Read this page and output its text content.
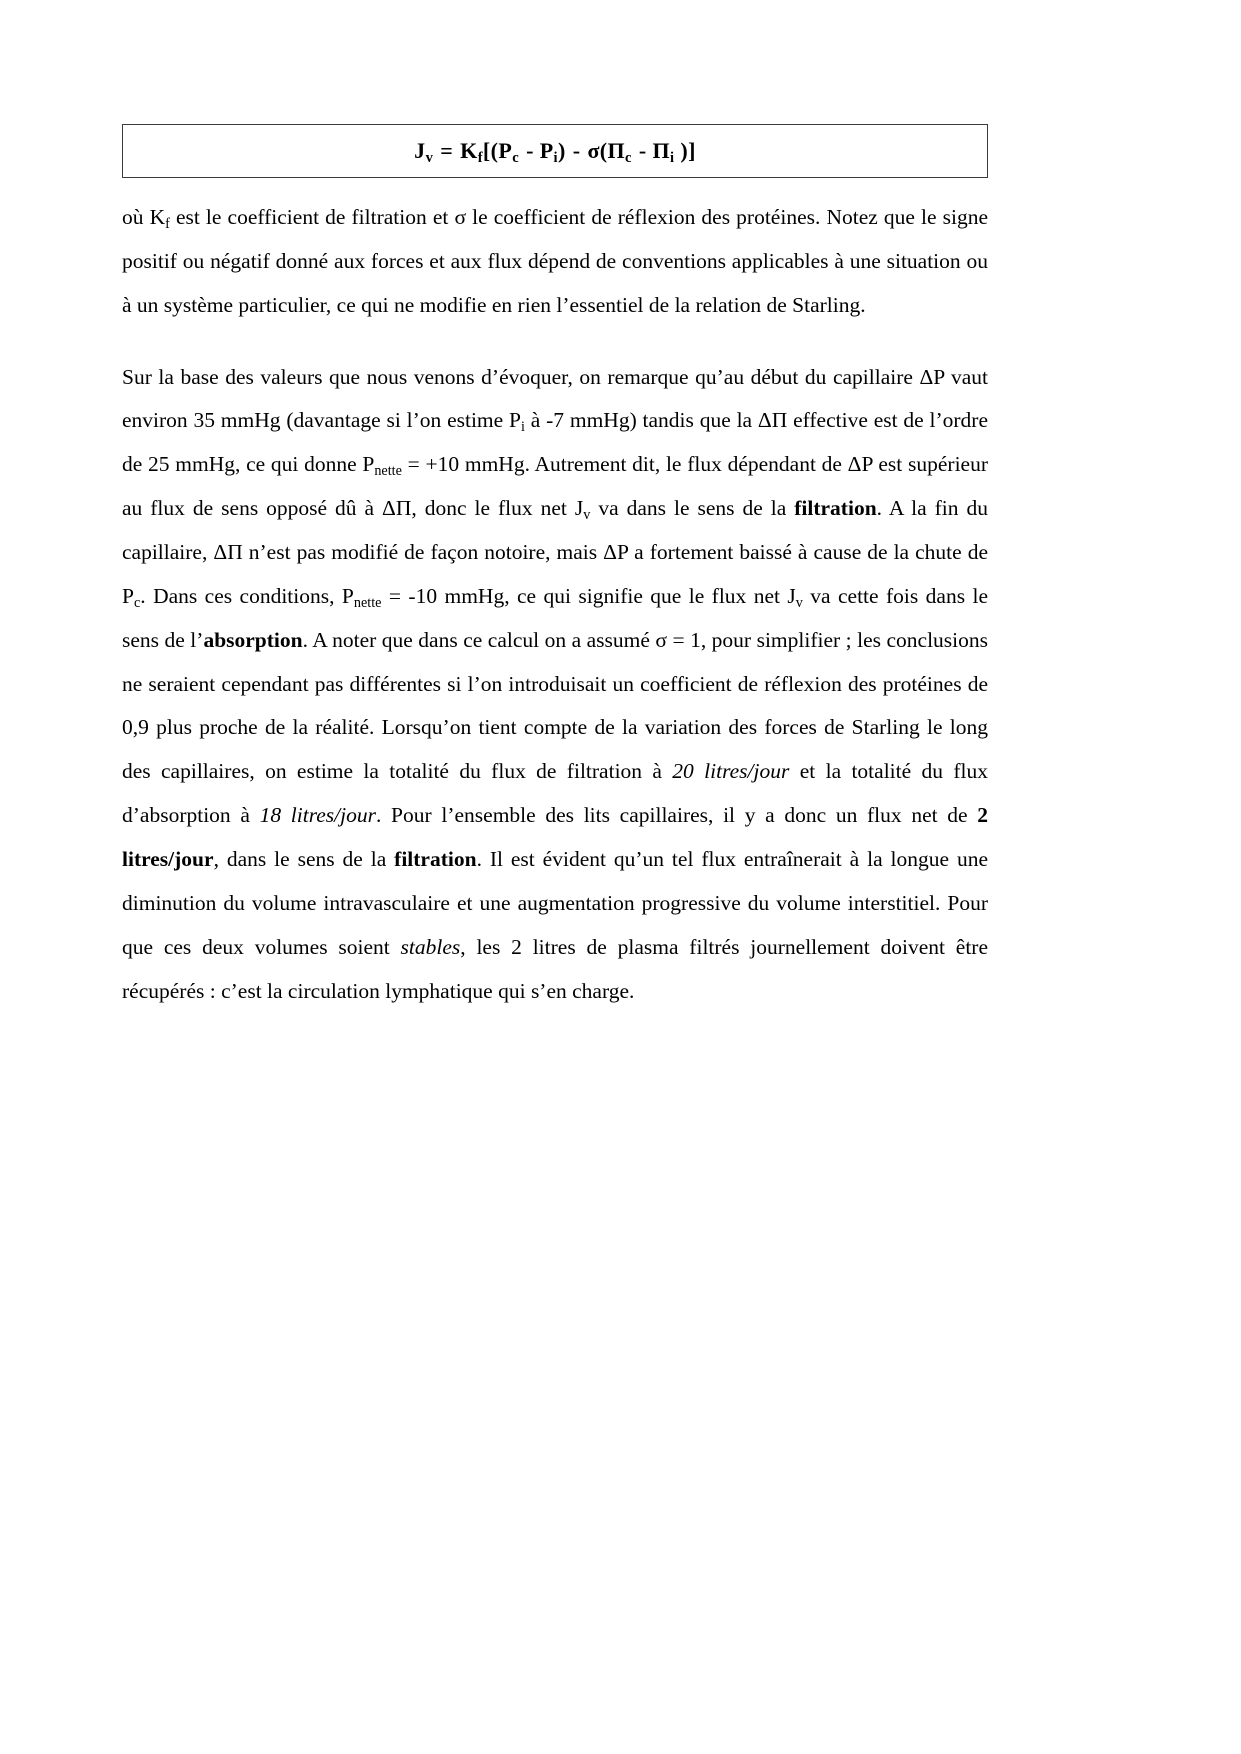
$J_v = K_f[(P_c - P_i) - \sigma(\Pi_c - \Pi_i$ )]

où $K_f$ est le coefficient de filtration et σ le coefficient de réflexion des protéines. Notez que le signe positif ou négatif donné aux forces et aux flux dépend de conventions applicables à une situation ou à un système particulier, ce qui ne modifie en rien l’essentiel de la relation de Starling.

Sur la base des valeurs que nous venons d’évoquer, on remarque qu’au début du capillaire ΔP vaut environ 35 mmHg (davantage si l’on estime $P_i$ à -7 mmHg) tandis que la ΔΠ effective est de l’ordre de 25 mmHg, ce qui donne $P_{nette} = +10$ mmHg. Autrement dit, le flux dépendant de ΔP est supérieur au flux de sens opposé dû à ΔΠ, donc le flux net $J_v$ va dans le sens de la filtration. A la fin du capillaire, ΔΠ n’est pas modifié de façon notoire, mais ΔP a fortement baissé à cause de la chute de $P_c$. Dans ces conditions, $P_{nette} = -10$ mmHg, ce qui signifie que le flux net $J_v$ va cette fois dans le sens de l’absorption. A noter que dans ce calcul on a assumé σ = 1, pour simplifier ; les conclusions ne seraient cependant pas différentes si l’on introduisait un coefficient de réflexion des protéines de 0,9 plus proche de la réalité. Lorsqu’on tient compte de la variation des forces de Starling le long des capillaires, on estime la totalité du flux de filtration à 20 litres/jour et la totalité du flux d’absorption à 18 litres/jour. Pour l’ensemble des lits capillaires, il y a donc un flux net de 2 litres/jour, dans le sens de la filtration. Il est évident qu’un tel flux entraînerait à la longue une diminution du volume intravasculaire et une augmentation progressive du volume interstitiel. Pour que ces deux volumes soient stables, les 2 litres de plasma filtrés journellement doivent être récupérés : c’est la circulation lymphatique qui s’en charge.
